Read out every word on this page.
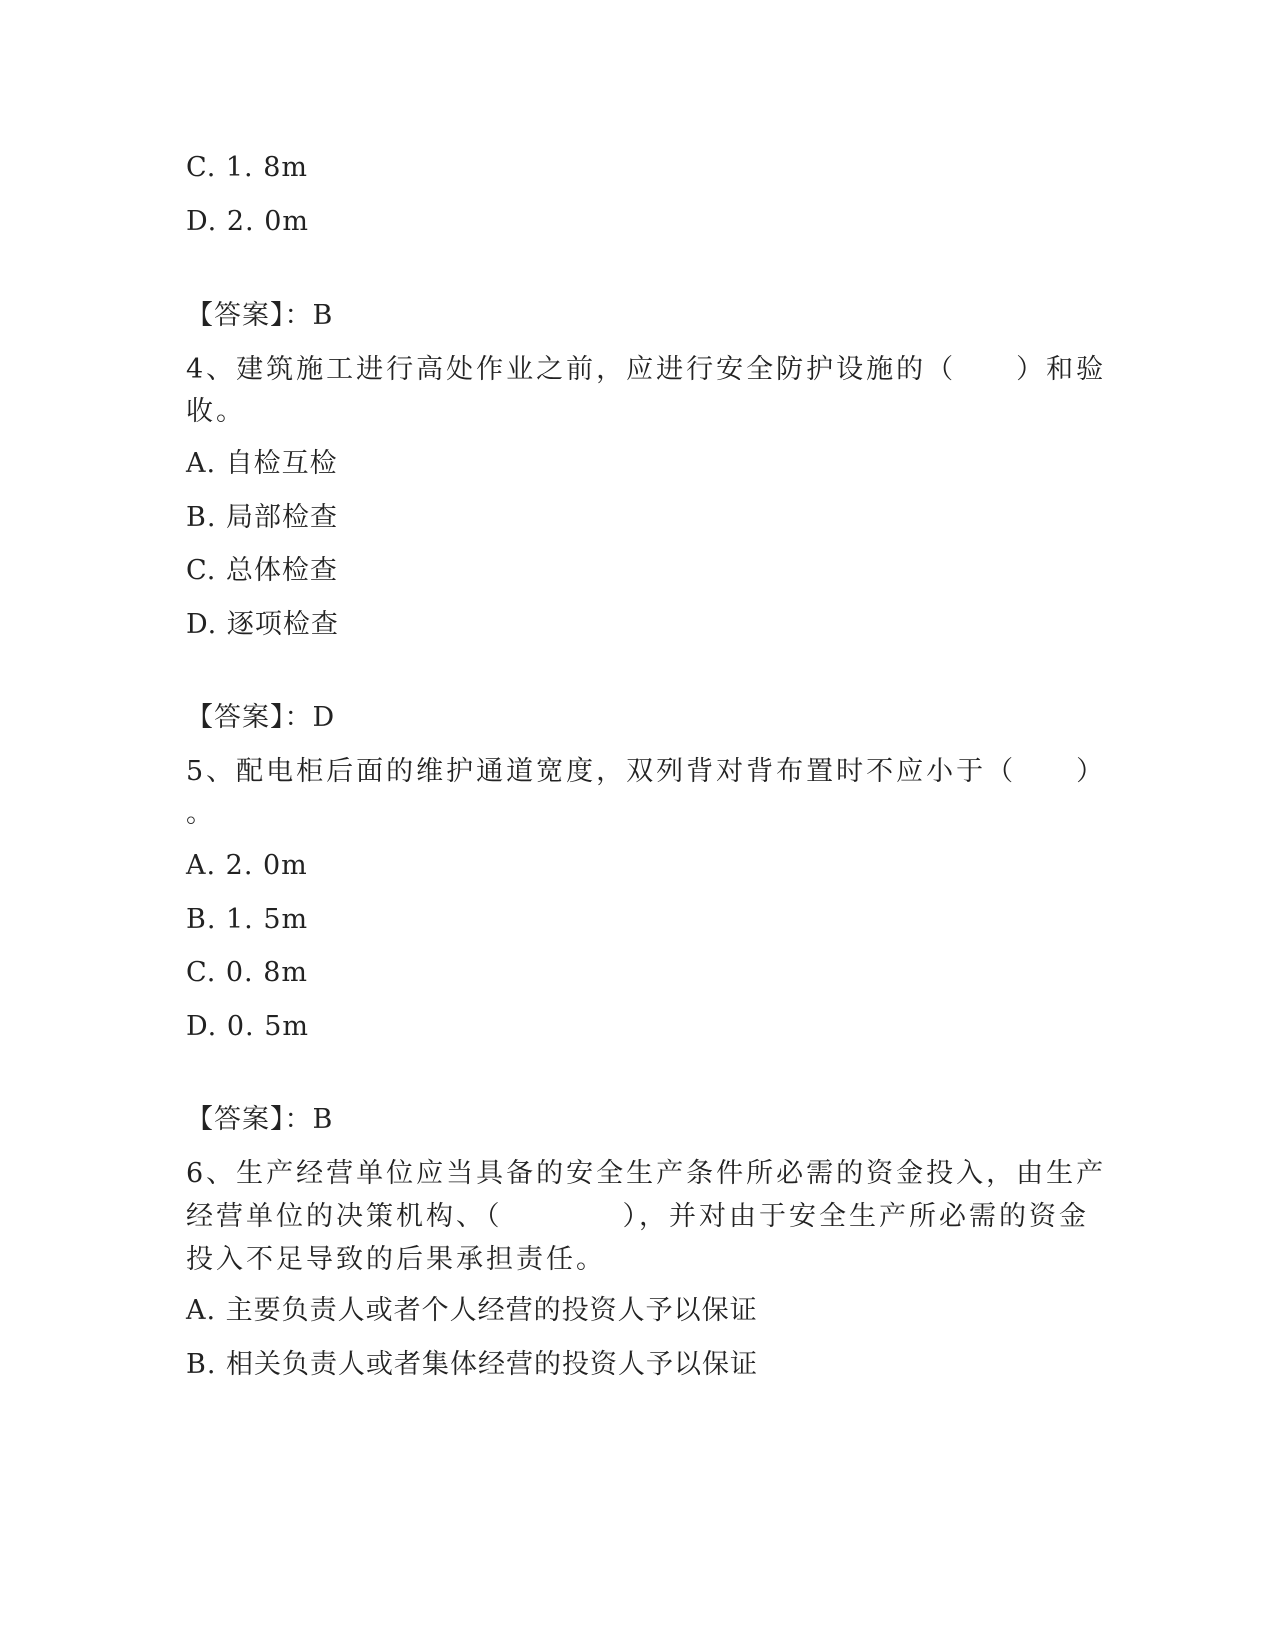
C. 1. 8m
D. 2. 0m
【答案】：B
4、建筑施工进行高处作业之前，应进行安全防护设施的（　　）和验
收。
A. 自检互检
B. 局部检查
C. 总体检查
D. 逐项检查
【答案】：D
5、配电柜后面的维护通道宽度，双列背对背布置时不应小于（　　）
。
A. 2. 0m
B. 1. 5m
C. 0. 8m
D. 0. 5m
【答案】：B
6、生产经营单位应当具备的安全生产条件所必需的资金投入，由生产
经营单位的决策机构、（　　　　），并对由于安全生产所必需的资金
投入不足导致的后果承担责任。
A. 主要负责人或者个人经营的投资人予以保证
B. 相关负责人或者集体经营的投资人予以保证
